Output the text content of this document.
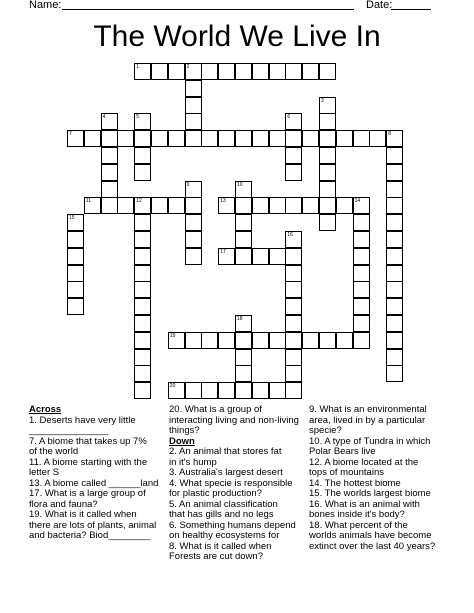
Name:	Date:
The World We Live In
1	2
3
4	5	6
7	8
9	10
11	12	13	14
15
16
17
18
19
20
Across
1. Deserts have very little
_______________
7. A biome that takes up 7%
of the world
11. A biome starting with the
letter S
13. A biome called ______land
17. What is a large group of
flora and fauna?
19. What is it called when
there are lots of plants, animal
and bacteria? Biod________
20. What is a group of
interacting living and non-living
things?
Down
2. An animal that stores fat
in it's hump
3. Australia's largest desert
4. What specie is responsible
for plastic production?
5. An animal classification
that has gills and no legs
6. Something humans depend
on healthy ecosystems for
8. What is it called when
Forests are cut down?
9. What is an environmental
area, lived in by a particular
specie?
10. A type of Tundra in which
Polar Bears live
12. A biome located at the
tops of mountains
14. The hottest biome
15. The worlds largest biome
16. What is an animal with
bones inside it's body?
18. What percent of the
worlds animals have become
extinct over the last 40 years?
